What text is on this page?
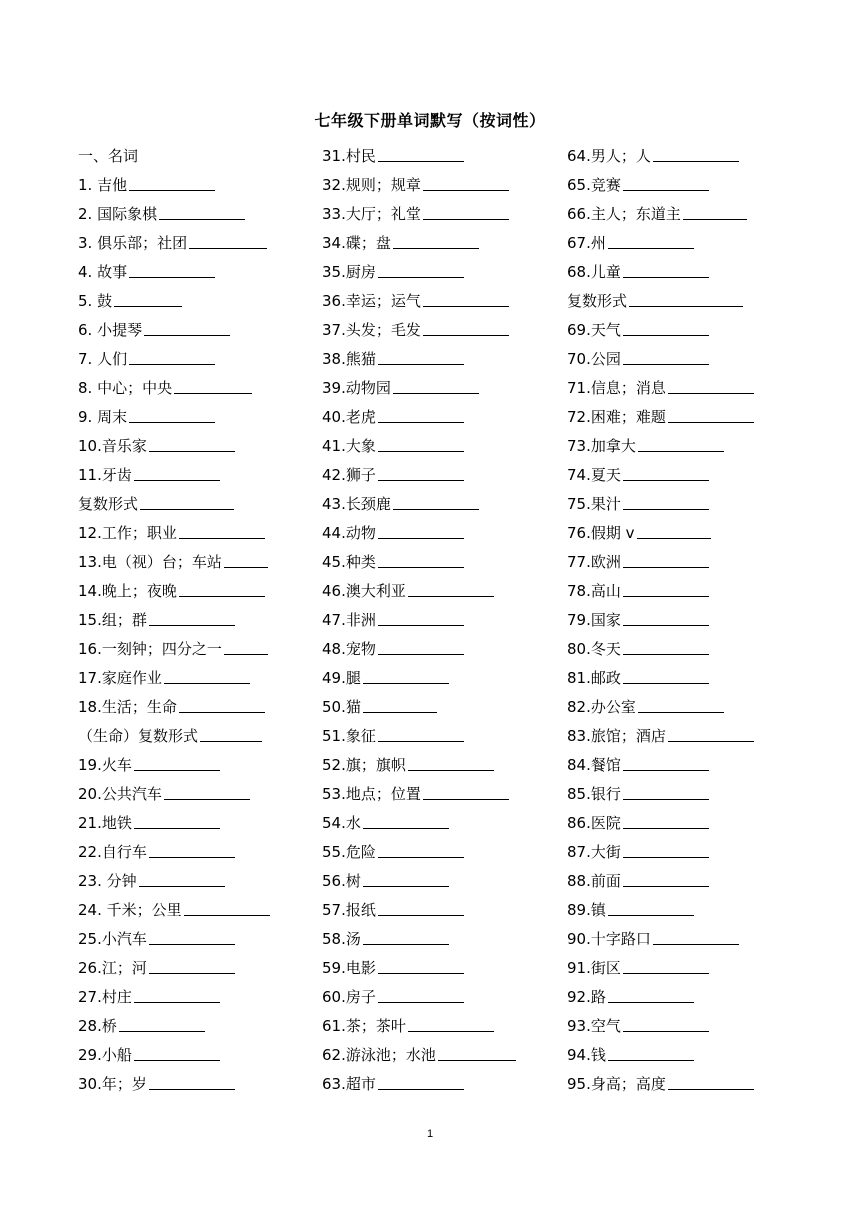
七年级下册单词默写（按词性）
一、名词
1. 吉他
2. 国际象棋
3. 俱乐部；社团
4. 故事
5. 鼓
6. 小提琴
7. 人们
8. 中心；中央
9. 周末
10.音乐家
11.牙齿
复数形式
12.工作；职业
13.电（视）台；车站
14.晚上；夜晚
15.组；群
16.一刻钟；四分之一
17.家庭作业
18.生活；生命
（生命）复数形式
19.火车
20.公共汽车
21.地铁
22.自行车
23. 分钟
24. 千米；公里
25.小汽车
26.江；河
27.村庄
28.桥
29.小船
30.年；岁
31.村民
32.规则；规章
33.大厅；礼堂
34.碟；盘
35.厨房
36.幸运；运气
37.头发；毛发
38.熊猫
39.动物园
40.老虎
41.大象
42.狮子
43.长颈鹿
44.动物
45.种类
46.澳大利亚
47.非洲
48.宠物
49.腿
50.猫
51.象征
52.旗；旗帜
53.地点；位置
54.水
55.危险
56.树
57.报纸
58.汤
59.电影
60.房子
61.茶；茶叶
62.游泳池；水池
63.超市
64.男人；人
65.竞赛
66.主人；东道主
67.州
68.儿童
复数形式
69.天气
70.公园
71.信息；消息
72.困难；难题
73.加拿大
74.夏天
75.果汁
76.假期 v
77.欧洲
78.高山
79.国家
80.冬天
81.邮政
82.办公室
83.旅馆；酒店
84.餐馆
85.银行
86.医院
87.大街
88.前面
89.镇
90.十字路口
91.街区
92.路
93.空气
94.钱
95.身高；高度
1
